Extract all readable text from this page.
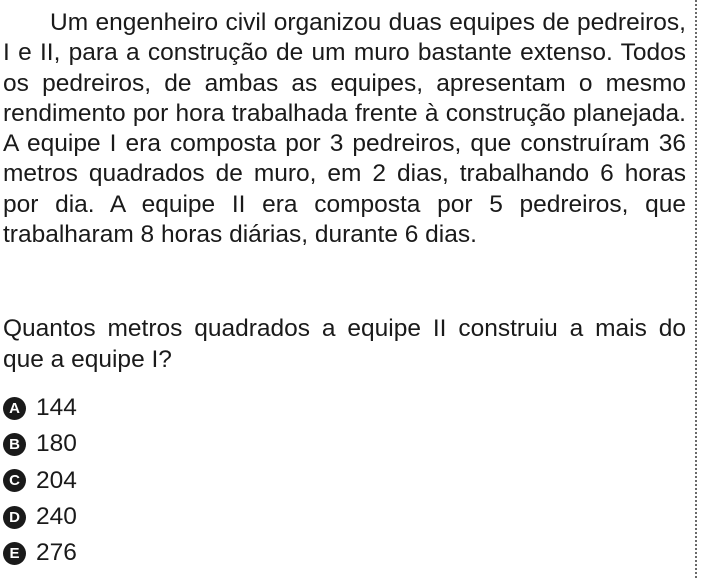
Um engenheiro civil organizou duas equipes de pedreiros, I e II, para a construção de um muro bastante extenso. Todos os pedreiros, de ambas as equipes, apresentam o mesmo rendimento por hora trabalhada frente à construção planejada. A equipe I era composta por 3 pedreiros, que construíram 36 metros quadrados de muro, em 2 dias, trabalhando 6 horas por dia. A equipe II era composta por 5 pedreiros, que trabalharam 8 horas diárias, durante 6 dias.

Quantos metros quadrados a equipe II construiu a mais do que a equipe I?

A 144
B 180
C 204
D 240
E 276
